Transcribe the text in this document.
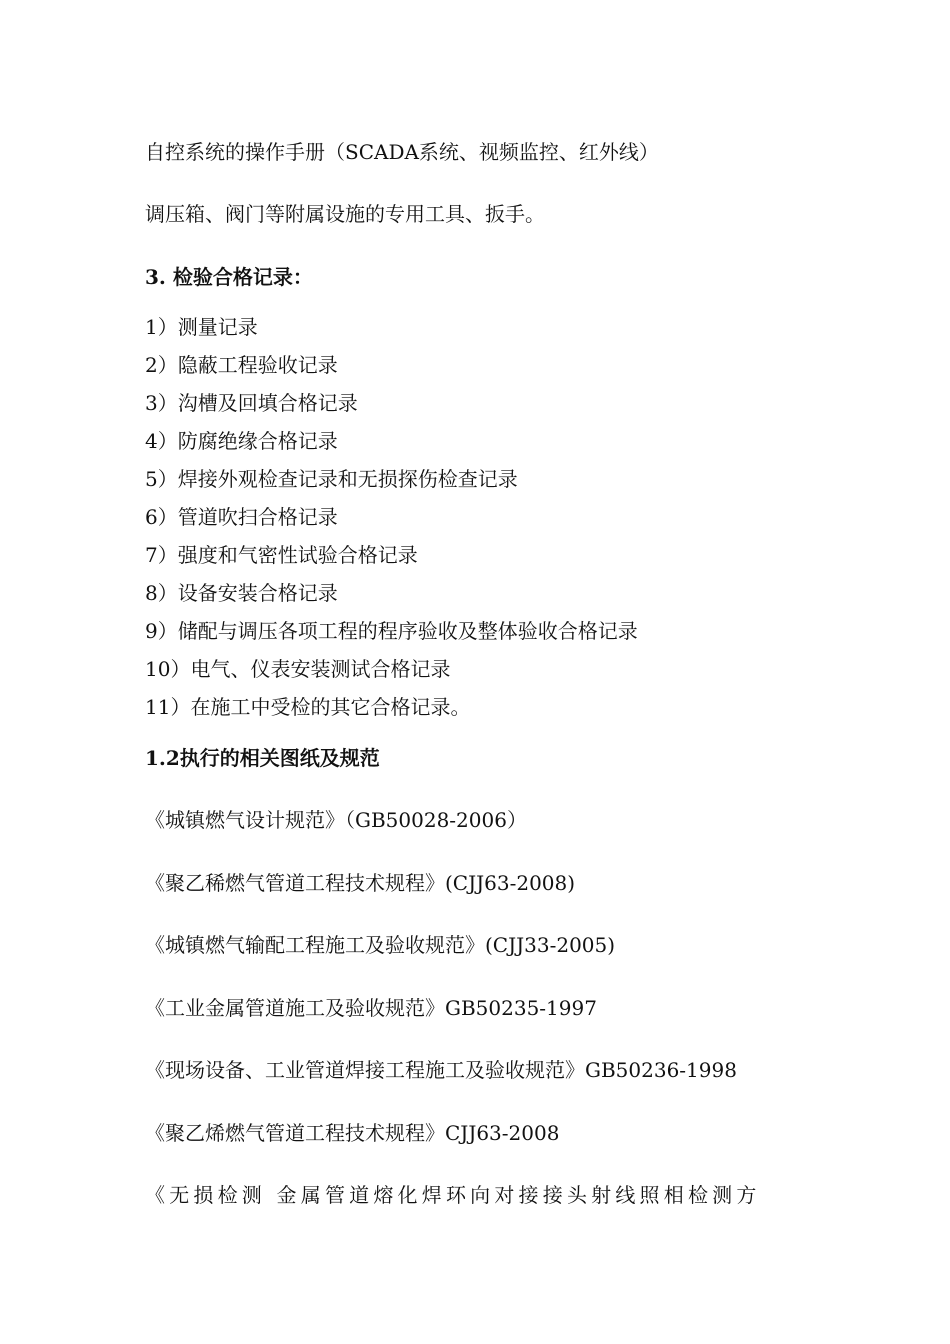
自控系统的操作手册（SCADA系统、视频监控、红外线）
调压箱、阀门等附属设施的专用工具、扳手。
3. 检验合格记录：
1）测量记录
2）隐蔽工程验收记录
3）沟槽及回填合格记录
4）防腐绝缘合格记录
5）焊接外观检查记录和无损探伤检查记录
6）管道吹扫合格记录
7）强度和气密性试验合格记录
8）设备安装合格记录
9）储配与调压各项工程的程序验收及整体验收合格记录
10）电气、仪表安装测试合格记录
11）在施工中受检的其它合格记录。
1.2执行的相关图纸及规范
《城镇燃气设计规范》（GB50028-2006）
《聚乙稀燃气管道工程技术规程》(CJJ63-2008)
《城镇燃气输配工程施工及验收规范》(CJJ33-2005)
《工业金属管道施工及验收规范》GB50235-1997
《现场设备、工业管道焊接工程施工及验收规范》GB50236-1998
《聚乙烯燃气管道工程技术规程》CJJ63-2008
《无损检测 金属管道熔化焊环向对接接头射线照相检测方
